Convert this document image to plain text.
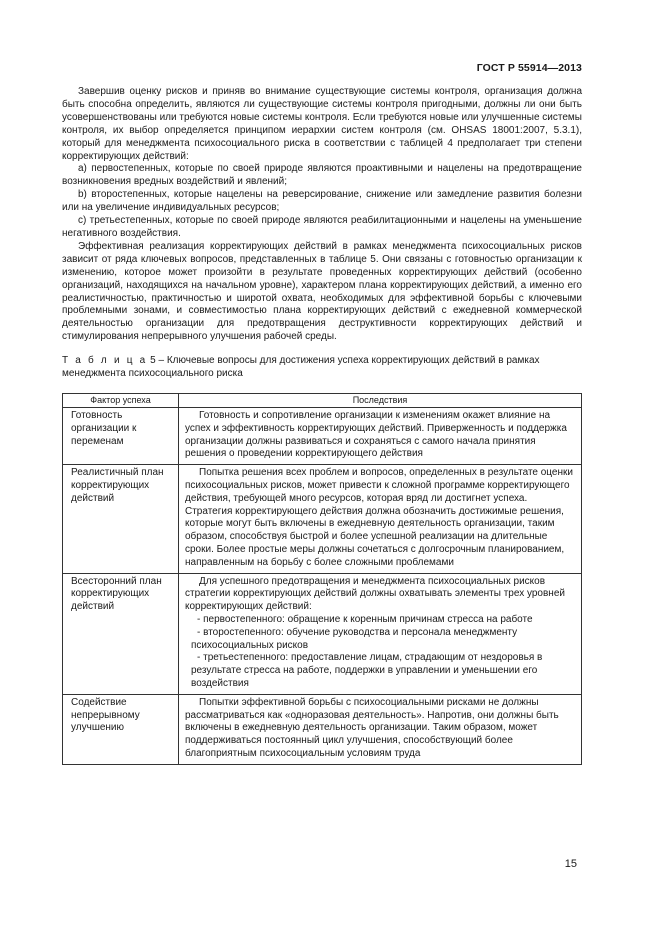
ГОСТ Р 55914—2013

Завершив оценку рисков и приняв во внимание существующие системы контроля, организация должна быть способна определить, являются ли существующие системы контроля пригодными, должны ли они быть усовершенствованы или требуются новые системы контроля. Если требуются новые или улучшенные системы контроля, их выбор определяется принципом иерархии систем контроля (см. OHSAS 18001:2007, 5.3.1), который для менеджмента психосоциального риска в соответствии с таблицей 4 предполагает три степени корректирующих действий:

а) первостепенных, которые по своей природе являются проактивными и нацелены на предотвращение возникновения вредных воздействий и явлений;

b) второстепенных, которые нацелены на реверсирование, снижение или замедление развития болезни или на увеличение индивидуальных ресурсов;

c) третьестепенных, которые по своей природе являются реабилитационными и нацелены на уменьшение негативного воздействия.

Эффективная реализация корректирующих действий в рамках менеджмента психосоциальных рисков зависит от ряда ключевых вопросов, представленных в таблице 5. Они связаны с готовностью организации к изменению, которое может произойти в результате проведенных корректирующих действий (особенно организаций, находящихся на начальном уровне), характером плана корректирующих действий, а именно его реалистичностью, практичностью и широтой охвата, необходимых для эффективной борьбы с ключевыми проблемными зонами, и совместимостью плана корректирующих действий с ежедневной коммерческой деятельностью организации для предотвращения деструктивности корректирующих действий и стимулирования непрерывного улучшения рабочей среды.

Т а б л и ц а 5 – Ключевые вопросы для достижения успеха корректирующих действий в рамках менеджмента психосоциального риска
Фактор успеха	Последствия

Готовность организации к переменам	Готовность и сопротивление организации к изменениям окажет влияние на успех и эффективность корректирующих действий. Приверженность и поддержка организации должны развиваться и сохраняться с самого начала принятия решения о проведении корректирующего действия

Реалистичный план корректирующих действий	Попытка решения всех проблем и вопросов, определенных в результате оценки психосоциальных рисков, может привести к сложной программе корректирующего действия, требующей много ресурсов, которая вряд ли достигнет успеха. Стратегия корректирующего действия должна обозначить достижимые решения, которые могут быть включены в ежедневную деятельность организации, таким образом, способствуя быстрой и более успешной реализации на длительные сроки. Более простые меры должны сочетаться с долгосрочным планированием, направленным на борьбу с более сложными проблемами

Всесторонний план корректирующих действий	Для успешного предотвращения и менеджмента психосоциальных рисков стратегии корректирующих действий должны охватывать элементы трех уровней корректирующих действий:
- первостепенного: обращение к коренным причинам стресса на работе
- второстепенного: обучение руководства и персонала менеджменту психосоциальных рисков
- третьестепенного: предоставление лицам, страдающим от нездоровья в результате стресса на работе, поддержки в управлении и уменьшении его воздействия

Содействие непрерывному улучшению	Попытки эффективной борьбы с психосоциальными рисками не должны рассматриваться как «одноразовая деятельность». Напротив, они должны быть включены в ежедневную деятельность организации. Таким образом, может поддерживаться постоянный цикл улучшения, способствующий более благоприятным психосоциальным условиям труда
15
